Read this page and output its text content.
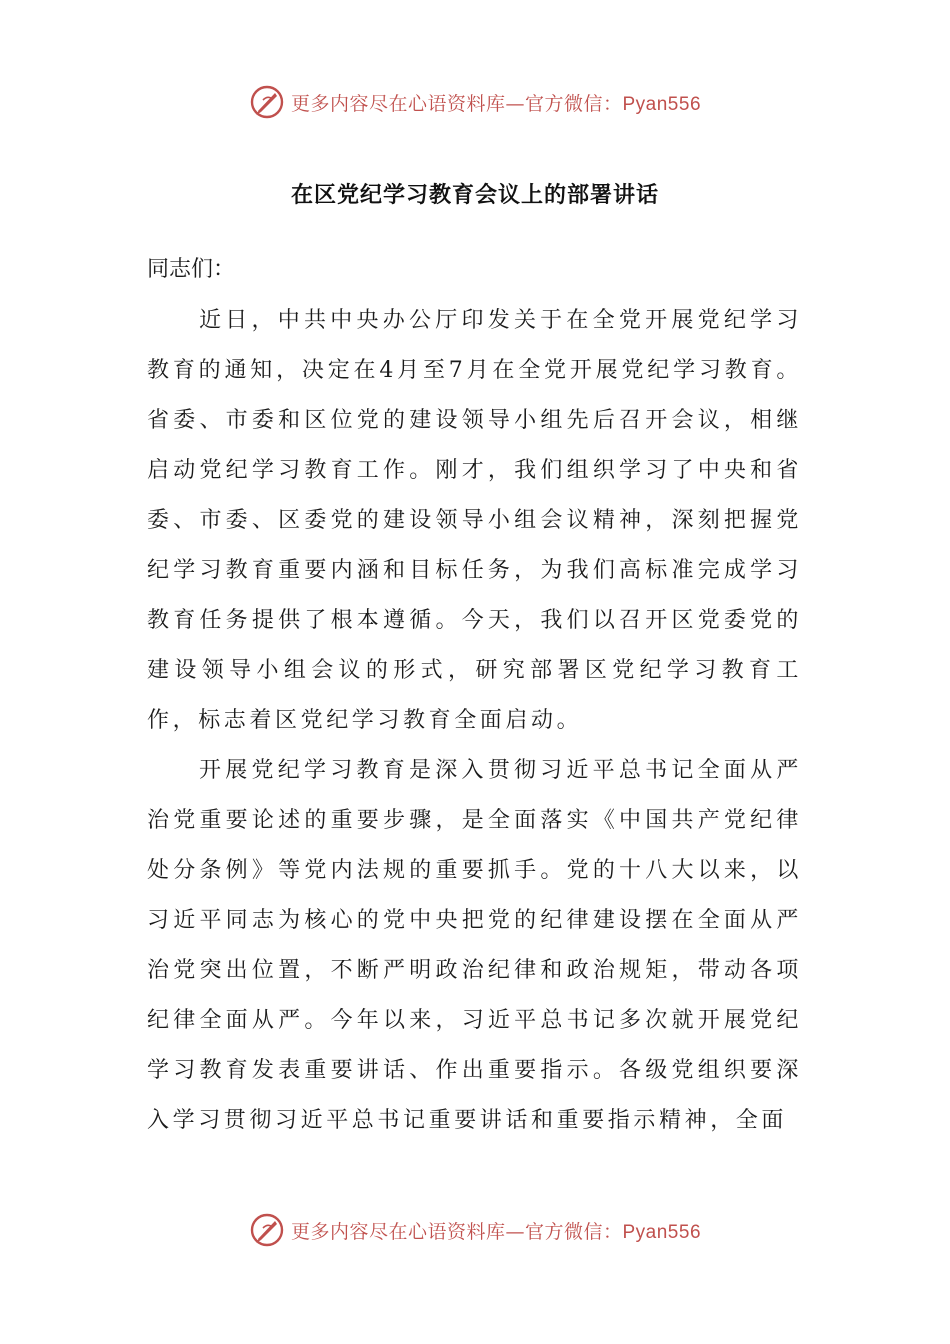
更多内容尽在心语资料库—官方微信：Pyan556
在区党纪学习教育会议上的部署讲话
同志们：

近日，中共中央办公厅印发关于在全党开展党纪学习教育的通知，决定在4月至7月在全党开展党纪学习教育。省委、市委和区位党的建设领导小组先后召开会议，相继启动党纪学习教育工作。刚才，我们组织学习了中央和省委、市委、区委党的建设领导小组会议精神，深刻把握党纪学习教育重要内涵和目标任务，为我们高标准完成学习教育任务提供了根本遵循。今天，我们以召开区党委党的建设领导小组会议的形式，研究部署区党纪学习教育工作，标志着区党纪学习教育全面启动。

开展党纪学习教育是深入贯彻习近平总书记全面从严治党重要论述的重要步骤，是全面落实《中国共产党纪律处分条例》等党内法规的重要抓手。党的十八大以来，以习近平同志为核心的党中央把党的纪律建设摆在全面从严治党突出位置，不断严明政治纪律和政治规矩，带动各项纪律全面从严。今年以来，习近平总书记多次就开展党纪学习教育发表重要讲话、作出重要指示。各级党组织要深入学习贯彻习近平总书记重要讲话和重要指示精神，全面

更多内容尽在心语资料库—官方微信：Pyan556
